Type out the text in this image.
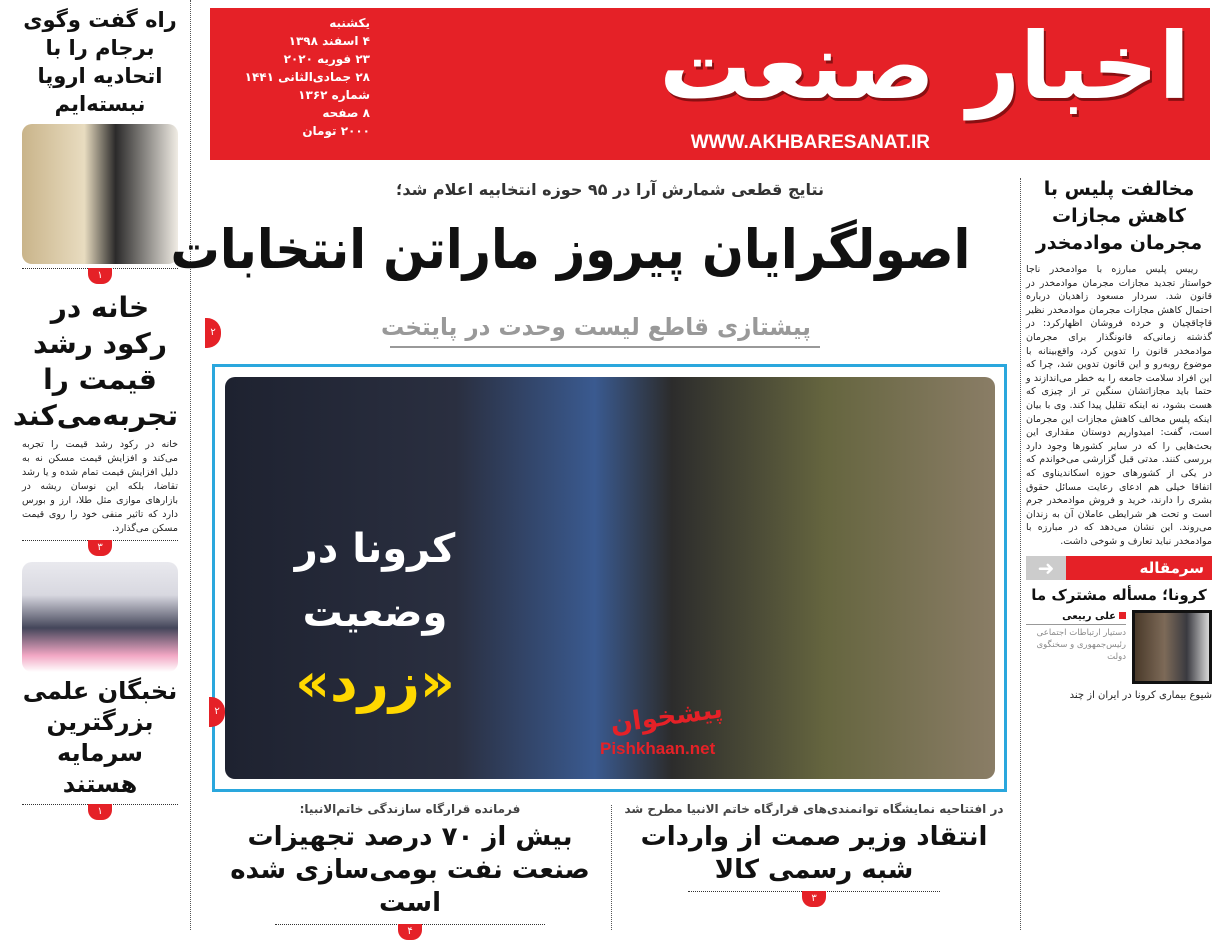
اخبار صنعت
WWW.AKHBARESANAT.IR
یکشنبه
۴ اسفند ۱۳۹۸
۲۳ فوریه ۲۰۲۰
۲۸ جمادی‌الثانی ۱۴۴۱
شماره ۱۳۶۲
۸ صفحه
۲۰۰۰ تومان
راه گفت وگوی برجام را با اتحادیه اروپا نبسته‌ایم
۱
خانه در رکود رشد قیمت را تجربه‌می‌کند
خانه در رکود رشد قیمت را تجربه می‌کند و افزایش قیمت مسکن نه به دلیل افزایش قیمت تمام شده و یا رشد تقاضا، بلکه این نوسان ریشه در بازارهای موازی مثل طلا، ارز و بورس دارد که تاثیر منفی خود را روی قیمت مسکن می‌گذارد.
۳
نخبگان علمی بزرگترین سرمایه هستند
۱
نتایج قطعی شمارش آرا در ۹۵ حوزه انتخابیه اعلام شد؛
اصولگرایان پیروز ماراتن انتخابات
پیشتازی قاطع لیست وحدت در پایتخت
۲
کرونا در
وضعیت
«زرد»
۲	پیشخوان
Pishkhaan.net
فرمانده قرارگاه سازندگی خاتم‌الانبیا:
بیش از ۷۰ درصد تجهیزات صنعت نفت بومی‌سازی شده است
۴
در افتتاحیه نمایشگاه توانمندی‌های قرارگاه خاتم الانبیا مطرح شد
انتقاد وزیر صمت از واردات شبه رسمی کالا
۳
مخالفت پلیس با کاهش مجازات مجرمان موادمخدر
رییس پلیس مبارزه با موادمخدر ناجا خواستار تجدید مجازات مجرمان موادمخدر در قانون شد. سردار مسعود زاهدیان درباره احتمال کاهش مجازات مجرمان موادمخدر نظیر قاچاقچیان و خرده فروشان اظهارکرد: در گذشته زمانی‌که قانونگذار برای مجرمان موادمخدر قانون را تدوین کرد، واقع‌بینانه با موضوع روبه‌رو و این قانون تدوین شد، چرا که این افراد سلامت جامعه را به خطر می‌اندازند و حتما باید مجازاتشان سنگین تر از چیزی که هست بشود، نه اینکه تقلیل پیدا کند. وی با بیان اینکه پلیس مخالف کاهش مجازات این مجرمان است، گفت: امیدواریم دوستان مقداری این بحث‌هایی را که در سایر کشورها وجود دارد بررسی کنند. مدتی قبل گزارشی می‌خواندم که در یکی از کشورهای حوزه اسکاندیناوی که اتفاقا خیلی هم ادعای رعایت مسائل حقوق بشری را دارند، خرید و فروش موادمخدر جرم است و تحت هر شرایطی عاملان آن به زندان می‌روند. این نشان می‌دهد که در مبارزه با موادمخدر نباید تعارف و شوخی داشت.
➜	سرمقاله
کرونا؛ مسأله مشترک ما
علی ربیعی
دستیار ارتباطات اجتماعی رئیس‌جمهوری و سخنگوی دولت
شیوع بیماری کرونا در ایران از چند
